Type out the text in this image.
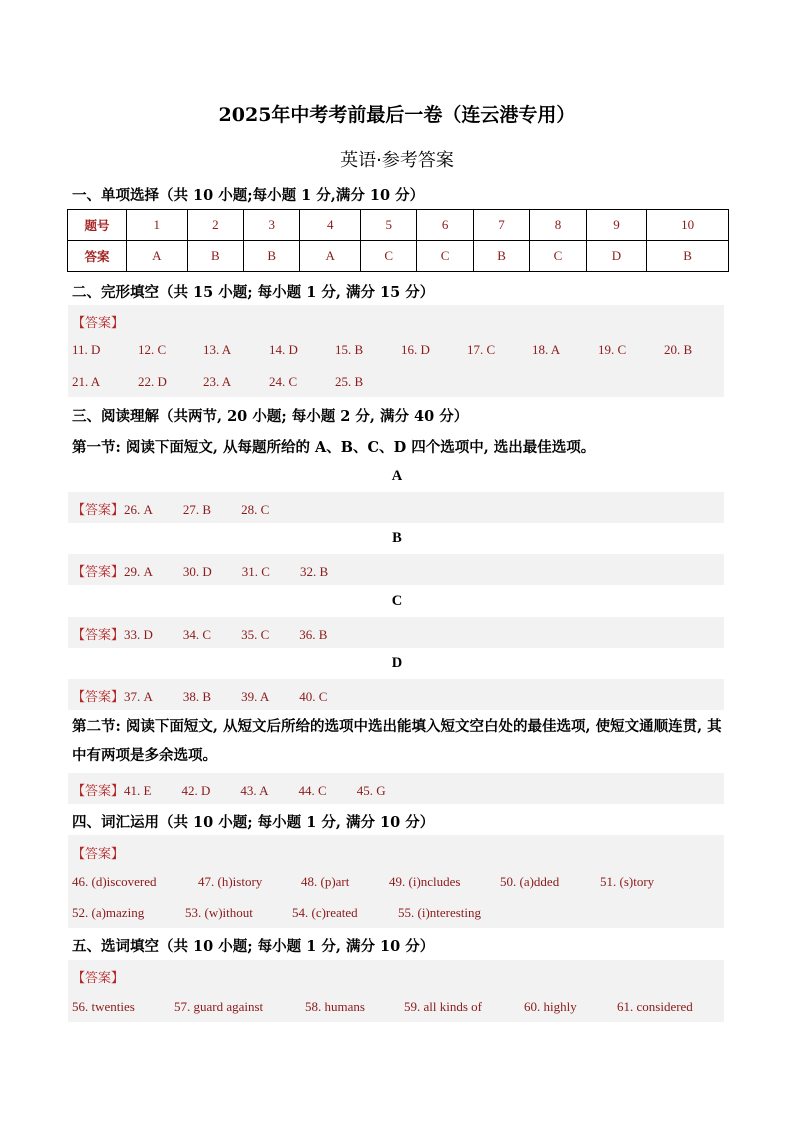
2025年中考考前最后一卷（连云港专用）
英语·参考答案
一、单项选择（共 10 小题;每小题 1 分,满分 10 分）
题号	1	2	3	4	5	6	7	8	9	10
答案	A	B	B	A	C	C	B	C	D	B
二、完形填空（共 15 小题; 每小题 1 分, 满分 15 分）
【答案】
11. D	12. C	13. A	14. D	15. B	16. D	17. C	18. A	19. C	20. B
21. A	22. D	23. A	24. C	25. B
三、阅读理解（共两节, 20 小题; 每小题 2 分, 满分 40 分）
第一节: 阅读下面短文, 从每题所给的 A、B、C、D 四个选项中, 选出最佳选项。
A
【答案】26. A 27. B 28. C
B
【答案】29. A 30. D 31. C 32. B
C
【答案】33. D 34. C 35. C 36. B
D
【答案】37. A 38. B 39. A 40. C
第二节: 阅读下面短文, 从短文后所给的选项中选出能填入短文空白处的最佳选项, 使短文通顺连贯, 其中有两项是多余选项。
【答案】41. E 42. D 43. A 44. C 45. G
四、词汇运用（共 10 小题; 每小题 1 分, 满分 10 分）
【答案】
46. (d)iscovered	47. (h)istory	48. (p)art	49. (i)ncludes	50. (a)dded	51. (s)tory
52. (a)mazing	53. (w)ithout	54. (c)reated	55. (i)nteresting
五、选词填空（共 10 小题; 每小题 1 分, 满分 10 分）
【答案】
56. twenties	57. guard against	58. humans	59. all kinds of	60. highly	61. considered
